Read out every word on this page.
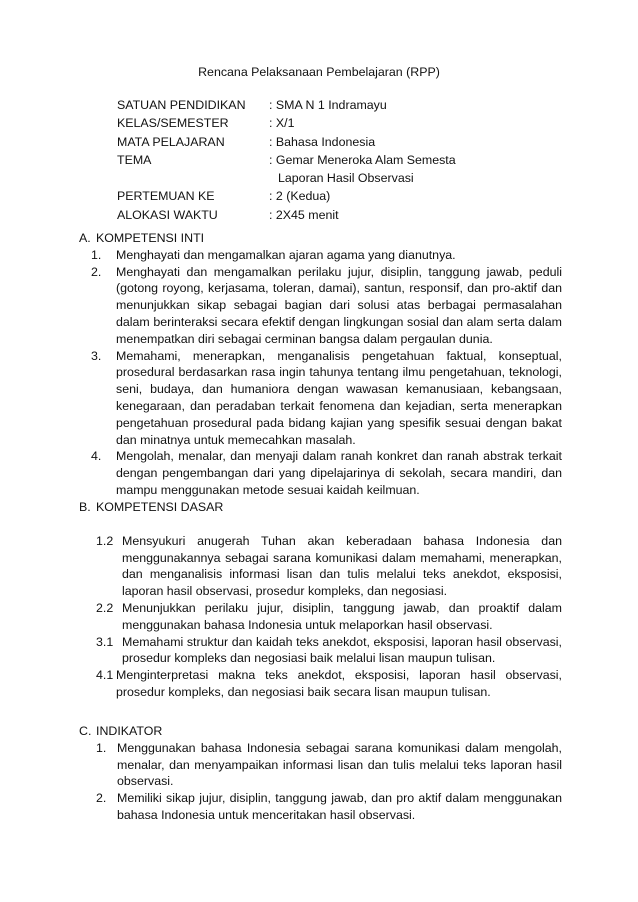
Rencana Pelaksanaan Pembelajaran (RPP)
SATUAN PENDIDIKAN	: SMA N 1 Indramayu
KELAS/SEMESTER	: X/1
MATA PELAJARAN	: Bahasa Indonesia
TEMA	: Gemar Meneroka Alam Semesta
Laporan Hasil Observasi
PERTEMUAN KE	: 2 (Kedua)
ALOKASI WAKTU	: 2X45 menit
A. KOMPETENSI INTI
1.	Menghayati dan mengamalkan ajaran agama yang dianutnya.
2.	Menghayati dan mengamalkan perilaku jujur, disiplin, tanggung jawab, peduli (gotong royong, kerjasama, toleran, damai), santun, responsif, dan pro-aktif dan menunjukkan sikap sebagai bagian dari solusi atas berbagai permasalahan dalam berinteraksi secara efektif dengan lingkungan sosial dan alam serta dalam menempatkan diri sebagai cerminan bangsa dalam pergaulan dunia.
3.	Memahami, menerapkan, menganalisis pengetahuan faktual, konseptual, prosedural berdasarkan rasa ingin tahunya tentang ilmu pengetahuan, teknologi, seni, budaya, dan humaniora dengan wawasan kemanusiaan, kebangsaan, kenegaraan, dan peradaban terkait fenomena dan kejadian, serta menerapkan pengetahuan prosedural pada bidang kajian yang spesifik sesuai dengan bakat dan minatnya untuk memecahkan masalah.
4.	Mengolah, menalar, dan menyaji dalam ranah konkret dan ranah abstrak terkait dengan pengembangan dari yang dipelajarinya di sekolah, secara mandiri, dan mampu menggunakan metode sesuai kaidah keilmuan.
B. KOMPETENSI DASAR
1.2 Mensyukuri anugerah Tuhan akan keberadaan bahasa Indonesia dan menggunakannya sebagai sarana komunikasi dalam memahami, menerapkan, dan menganalisis informasi lisan dan tulis melalui teks anekdot, eksposisi, laporan hasil observasi, prosedur kompleks, dan negosiasi.
2.2 Menunjukkan perilaku jujur, disiplin, tanggung jawab, dan proaktif dalam menggunakan bahasa Indonesia untuk melaporkan hasil observasi.
3.1 Memahami struktur dan kaidah teks anekdot, eksposisi, laporan hasil observasi, prosedur kompleks dan negosiasi baik melalui lisan maupun tulisan.
4.1 Menginterpretasi makna teks anekdot, eksposisi, laporan hasil observasi, prosedur kompleks, dan negosiasi baik secara lisan maupun tulisan.
C. INDIKATOR
1. Menggunakan bahasa Indonesia sebagai sarana komunikasi dalam mengolah, menalar, dan menyampaikan informasi lisan dan tulis melalui teks laporan hasil observasi.
2. Memiliki sikap jujur, disiplin, tanggung jawab, dan pro aktif dalam menggunakan bahasa Indonesia untuk menceritakan hasil observasi.
